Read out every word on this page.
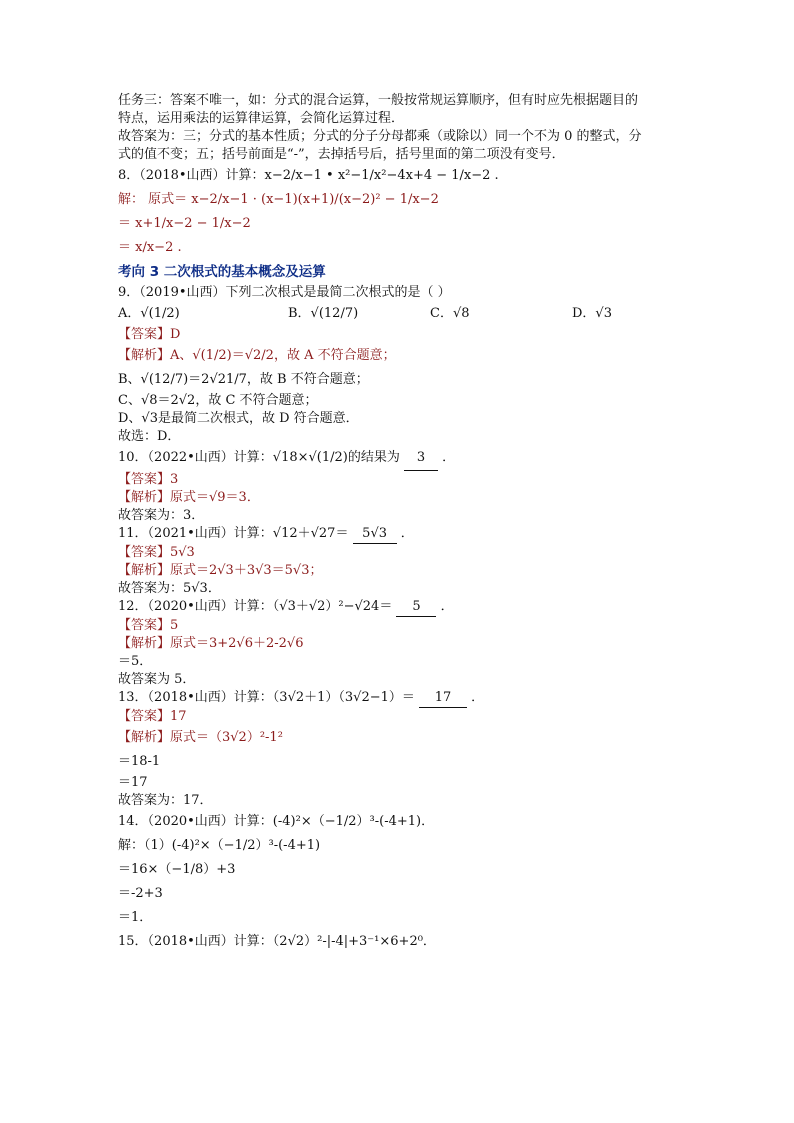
任务三：答案不唯一，如：分式的混合运算，一般按常规运算顺序，但有时应先根据题目的
特点，运用乘法的运算律运算，会简化运算过程．
故答案为：三；分式的基本性质；分式的分子分母都乘（或除以）同一个不为 0 的整式，分
式的值不变；五；括号前面是“-”，去掉括号后，括号里面的第二项没有变号．
8．（2018•山西）计算：x−2/x−1 • x²−1/x²−4x+4 − 1/x−2 .
解： 原式＝ x−2/x−1 · (x−1)(x+1)/(x−2)² − 1/x−2
＝ x+1/x−2 − 1/x−2
＝ x/x−2 .
考向 3 二次根式的基本概念及运算
9．（2019•山西）下列二次根式是最简二次根式的是（ ）
A．√(1/2)	B．√(12/7)	C．√8	D．√3
【答案】D
【解析】A、√(1/2)＝√2/2，故 A 不符合题意；
B、√(12/7)＝2√21/7，故 B 不符合题意；
C、√8＝2√2，故 C 不符合题意；
D、√3是最简二次根式，故 D 符合题意．
故选：D．
10．（2022•山西）计算：√18×√(1/2)的结果为 3 ．
【答案】3
【解析】原式＝√9＝3．
故答案为：3．
11．（2021•山西）计算：√12＋√27＝ 5√3 ．
【答案】5√3
【解析】原式＝2√3＋3√3＝5√3；
故答案为：5√3．
12．（2020•山西）计算：（√3＋√2）²−√24＝ 5 ．
【答案】5
【解析】原式＝3+2√6＋2-2√6
＝5．
故答案为 5．
13．（2018•山西）计算：（3√2＋1）（3√2−1）＝ 17 ．
【答案】17
【解析】原式＝（3√2）²-1²
＝18-1
＝17
故答案为：17．
14．（2020•山西）计算：(-4)²×（−1/2）³-(-4+1)．
解：（1）(-4)²×（−1/2）³-(-4+1)
＝16×（−1/8）+3
＝-2+3
＝1．
15．（2018•山西）计算：（2√2）²-|-4|+3⁻¹×6+2⁰．
